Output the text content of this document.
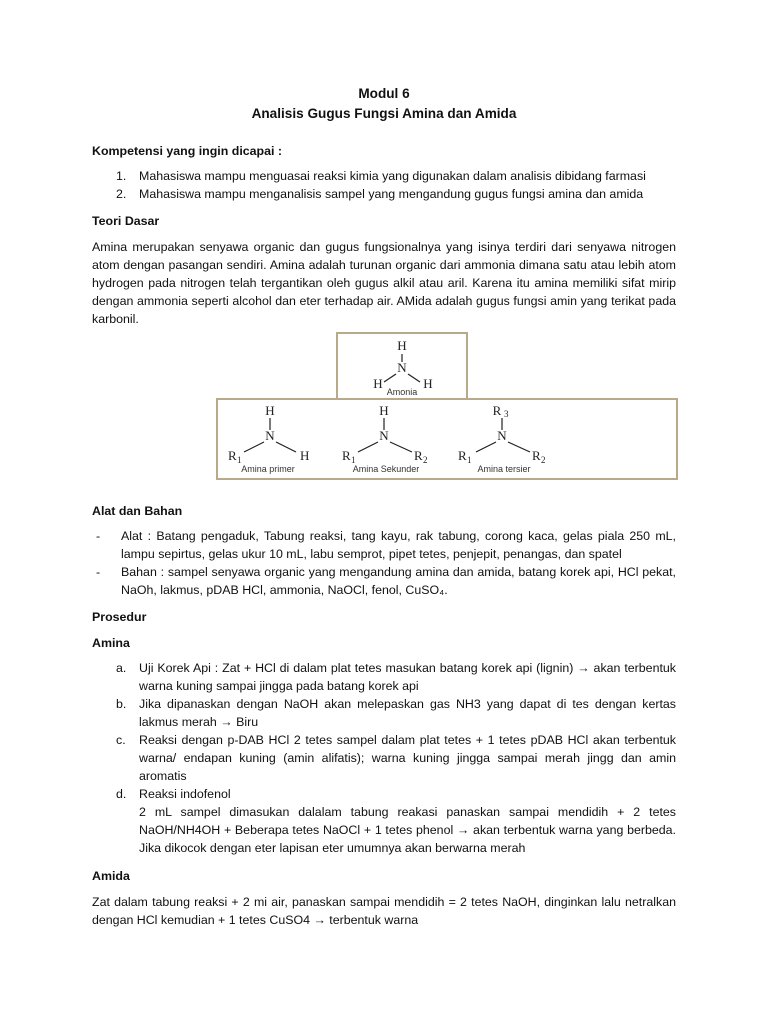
Modul 6

Analisis Gugus Fungsi Amina dan Amida

Kompetensi yang ingin dicapai :

1. Mahasiswa mampu menguasai reaksi kimia yang digunakan dalam analisis dibidang farmasi
2. Mahasiswa mampu menganalisis sampel yang mengandung gugus fungsi amina dan amida

Teori Dasar

Amina merupakan senyawa organic dan gugus fungsionalnya yang isinya terdiri dari senyawa nitrogen atom dengan pasangan sendiri. Amina adalah turunan organic dari ammonia dimana satu atau lebih atom hydrogen pada nitrogen telah tergantikan oleh gugus alkil atau aril. Karena itu amina memiliki sifat mirip dengan ammonia seperti alcohol dan eter terhadap air. AMida adalah gugus fungsi amin yang terikat pada karbonil.

H
N
H	H
Amonia
H
N
R 1	H
Amina primer
H
N
R 1	R 2
Amina Sekunder
R 3
N
R 1	R 2
Amina tersier

Alat dan Bahan

- Alat : Batang pengaduk, Tabung reaksi, tang kayu, rak tabung, corong kaca, gelas piala 250 mL, lampu sepirtus, gelas ukur 10 mL, labu semprot, pipet tetes, penjepit, penangas, dan spatel
- Bahan : sampel senyawa organic yang mengandung amina dan amida, batang korek api, HCl pekat, NaOh, lakmus, pDAB HCl, ammonia, NaOCl, fenol, CuSO₄.

Prosedur

Amina

a. Uji Korek Api : Zat + HCl di dalam plat tetes masukan batang korek api (lignin) → akan terbentuk warna kuning sampai jingga pada batang korek api
b. Jika dipanaskan dengan NaOH akan melepaskan gas NH3 yang dapat di tes dengan kertas lakmus merah → Biru
c. Reaksi dengan p-DAB HCl 2 tetes sampel dalam plat tetes + 1 tetes pDAB HCl akan terbentuk warna/ endapan kuning (amin alifatis); warna kuning jingga sampai merah jingg dan amin aromatis
d. Reaksi indofenol
2 mL sampel dimasukan dalalam tabung reakasi panaskan sampai mendidih + 2 tetes NaOH/NH4OH + Beberapa tetes NaOCl + 1 tetes phenol → akan terbentuk warna yang berbeda. Jika dikocok dengan eter lapisan eter umumnya akan berwarna merah

Amida

Zat dalam tabung reaksi + 2 mi air, panaskan sampai mendidih = 2 tetes NaOH, dinginkan lalu netralkan dengan HCl kemudian + 1 tetes CuSO4 → terbentuk warna
